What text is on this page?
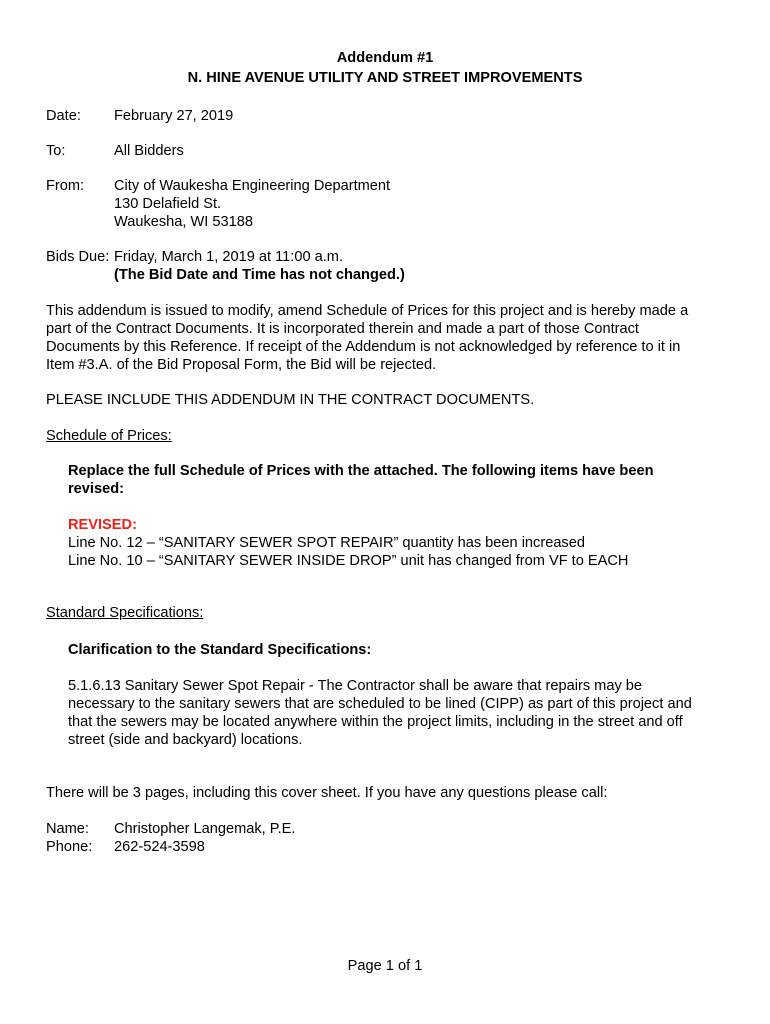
Addendum #1
N. HINE AVENUE UTILITY AND STREET IMPROVEMENTS
Date: February 27, 2019
To:	All Bidders
From: City of Waukesha Engineering Department
130 Delafield St.
Waukesha, WI 53188
Bids Due: Friday, March 1, 2019 at 11:00 a.m.
(The Bid Date and Time has not changed.)
This addendum is issued to modify, amend Schedule of Prices for this project and is hereby made a
part of the Contract Documents. It is incorporated therein and made a part of those Contract
Documents by this Reference. If receipt of the Addendum is not acknowledged by reference to it in
Item #3.A. of the Bid Proposal Form, the Bid will be rejected.
PLEASE INCLUDE THIS ADDENDUM IN THE CONTRACT DOCUMENTS.
Schedule of Prices:
Replace the full Schedule of Prices with the attached. The following items have been
revised:
REVISED:
Line No. 12 – “SANITARY SEWER SPOT REPAIR” quantity has been increased
Line No. 10 – “SANITARY SEWER INSIDE DROP” unit has changed from VF to EACH
Standard Specifications:
Clarification to the Standard Specifications:
5.1.6.13 Sanitary Sewer Spot Repair - The Contractor shall be aware that repairs may be
necessary to the sanitary sewers that are scheduled to be lined (CIPP) as part of this project and
that the sewers may be located anywhere within the project limits, including in the street and off
street (side and backyard) locations.
There will be 3 pages, including this cover sheet. If you have any questions please call:
Name: Christopher Langemak, P.E.
Phone: 262-524-3598
Page 1 of 1
